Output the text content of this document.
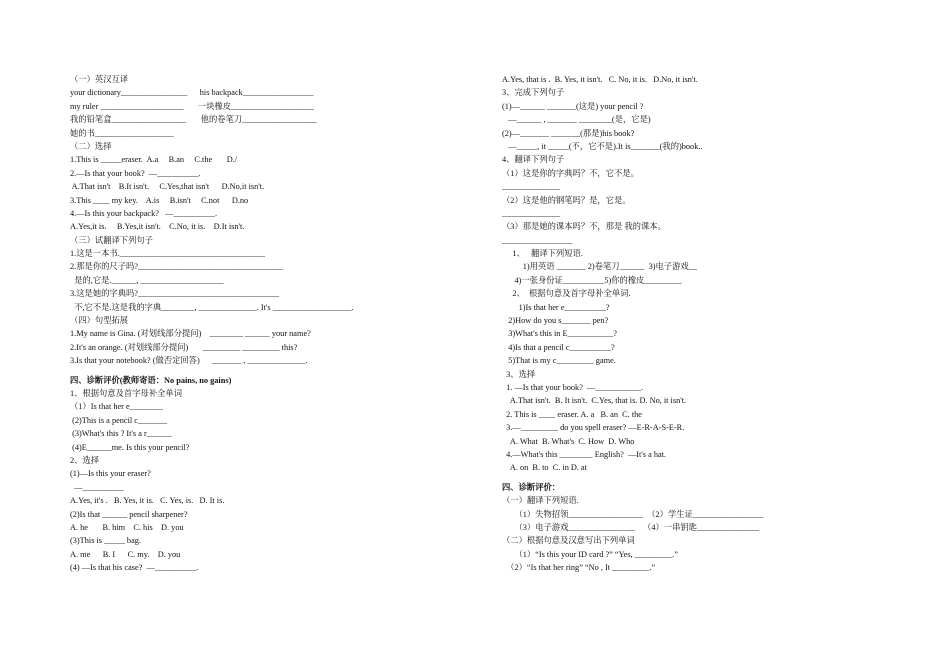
（一）英汉互译
your dictionary________________      his backpack_________________
my ruler ____________________       一块橡皮____________________
我的铅笔盒__________________       他的卷笔刀__________________
她的书___________________
（二）选择
1.This is _____eraser.  A.a     B.an     C.the       D./
2.—Is that your book?  —__________.
A.That isn't    B.It isn't.     C.Yes,that isn't      D.No,it isn't.
3.This ____ my key.    A.is     B.isn't     C.not      D.no
4.—Is this your backpack?   —__________.
A.Yes,it is.     B.Yes,it isn't.    C.No, it is.    D.It isn't.
（三）试翻译下列句子
1.这是一本书.___________________________________
2.那是你的尺子吗?___________________________________
是的,它是.______, ____________________
3.这是她的字典吗?__________________________________
不,它不是.这是我的字典________, ______________. It's ___________________.
（四）句型拓展
1.My name is Gina. (对划线部分提问)    ________ ______ your name?
2.It's an orange. (对划线部分提问)       _________ _________ this?
3.Is that your notebook? (做否定回答)      _______ , ______________.
四、诊断评价(教师寄语：No pains, no gains)
1、根据句意及首字母补全单词
（1）Is that her e________
(2)This is a pencil c_______
(3)What's this ? It's a r______
(4)E______me. Is this your pencil?
2、选择
(1)—Is this your eraser?
—__________
A.Yes, it's .   B. Yes, it is.   C. Yes, is.   D. It is.
(2)Is that ______ pencil sharpener?
A. he       B. him    C. his    D. you
(3)This is _____ bag.
A. me      B. I      C. my.    D. you
(4) —Is that his case?  —__________.
A.Yes, that is .  B. Yes, it isn't.   C. No, it is.   D.No, it isn't.
3、完成下列句子
(1)—______ _______(这是) your pencil ?
—______ , _______ ________(是，它是)
(2)—_______ _______(那是)his book?
—_____, it _____(不，它不是).It is_______(我的)book..
4、翻译下列句子
（1）这是你的字典吗？不，它不是。
______________
（2）这是他的钢笔吗？是，它是。
______________
（3）那是她的课本吗？不，那是 我的课本。
_________________
1、   翻译下列短语.
1)用英语 _______ 2)卷笔刀______  3)电子游戏__
4)一张身份证__________5)你的橡皮_________
2、  根据句意及首字母补全单词.
1)Is that her e__________?
2)How do you s_______ pen?
3)What's this in E___________?
4)Is that a pencil c__________?
5)That is my c_________ game.
3、选择
1. —Is that your book?  —___________.
A.That isn't.  B. It isn't.  C.Yes, that is. D. No, it isn't.
2. This is ____ eraser. A. a   B. an  C. the
3.—_________ do you spell eraser? —E-R-A-S-E-R.
A. What  B. What's  C. How  D. Who
4.—What's this ________ English?  —It's a hat.
A. on  B. to  C. in D. at
四、诊断评价：
（一）翻译下列短语.
（1）失物招领__________________  （2）学生证_________________
（3）电子游戏________________    （4）一串钥匙_______________
（二）根据句意及汉意写出下列单词
（1）“Is this your ID card ?” “Yes, _________.”
（2）“Is that her ring” “No , It _________.”
